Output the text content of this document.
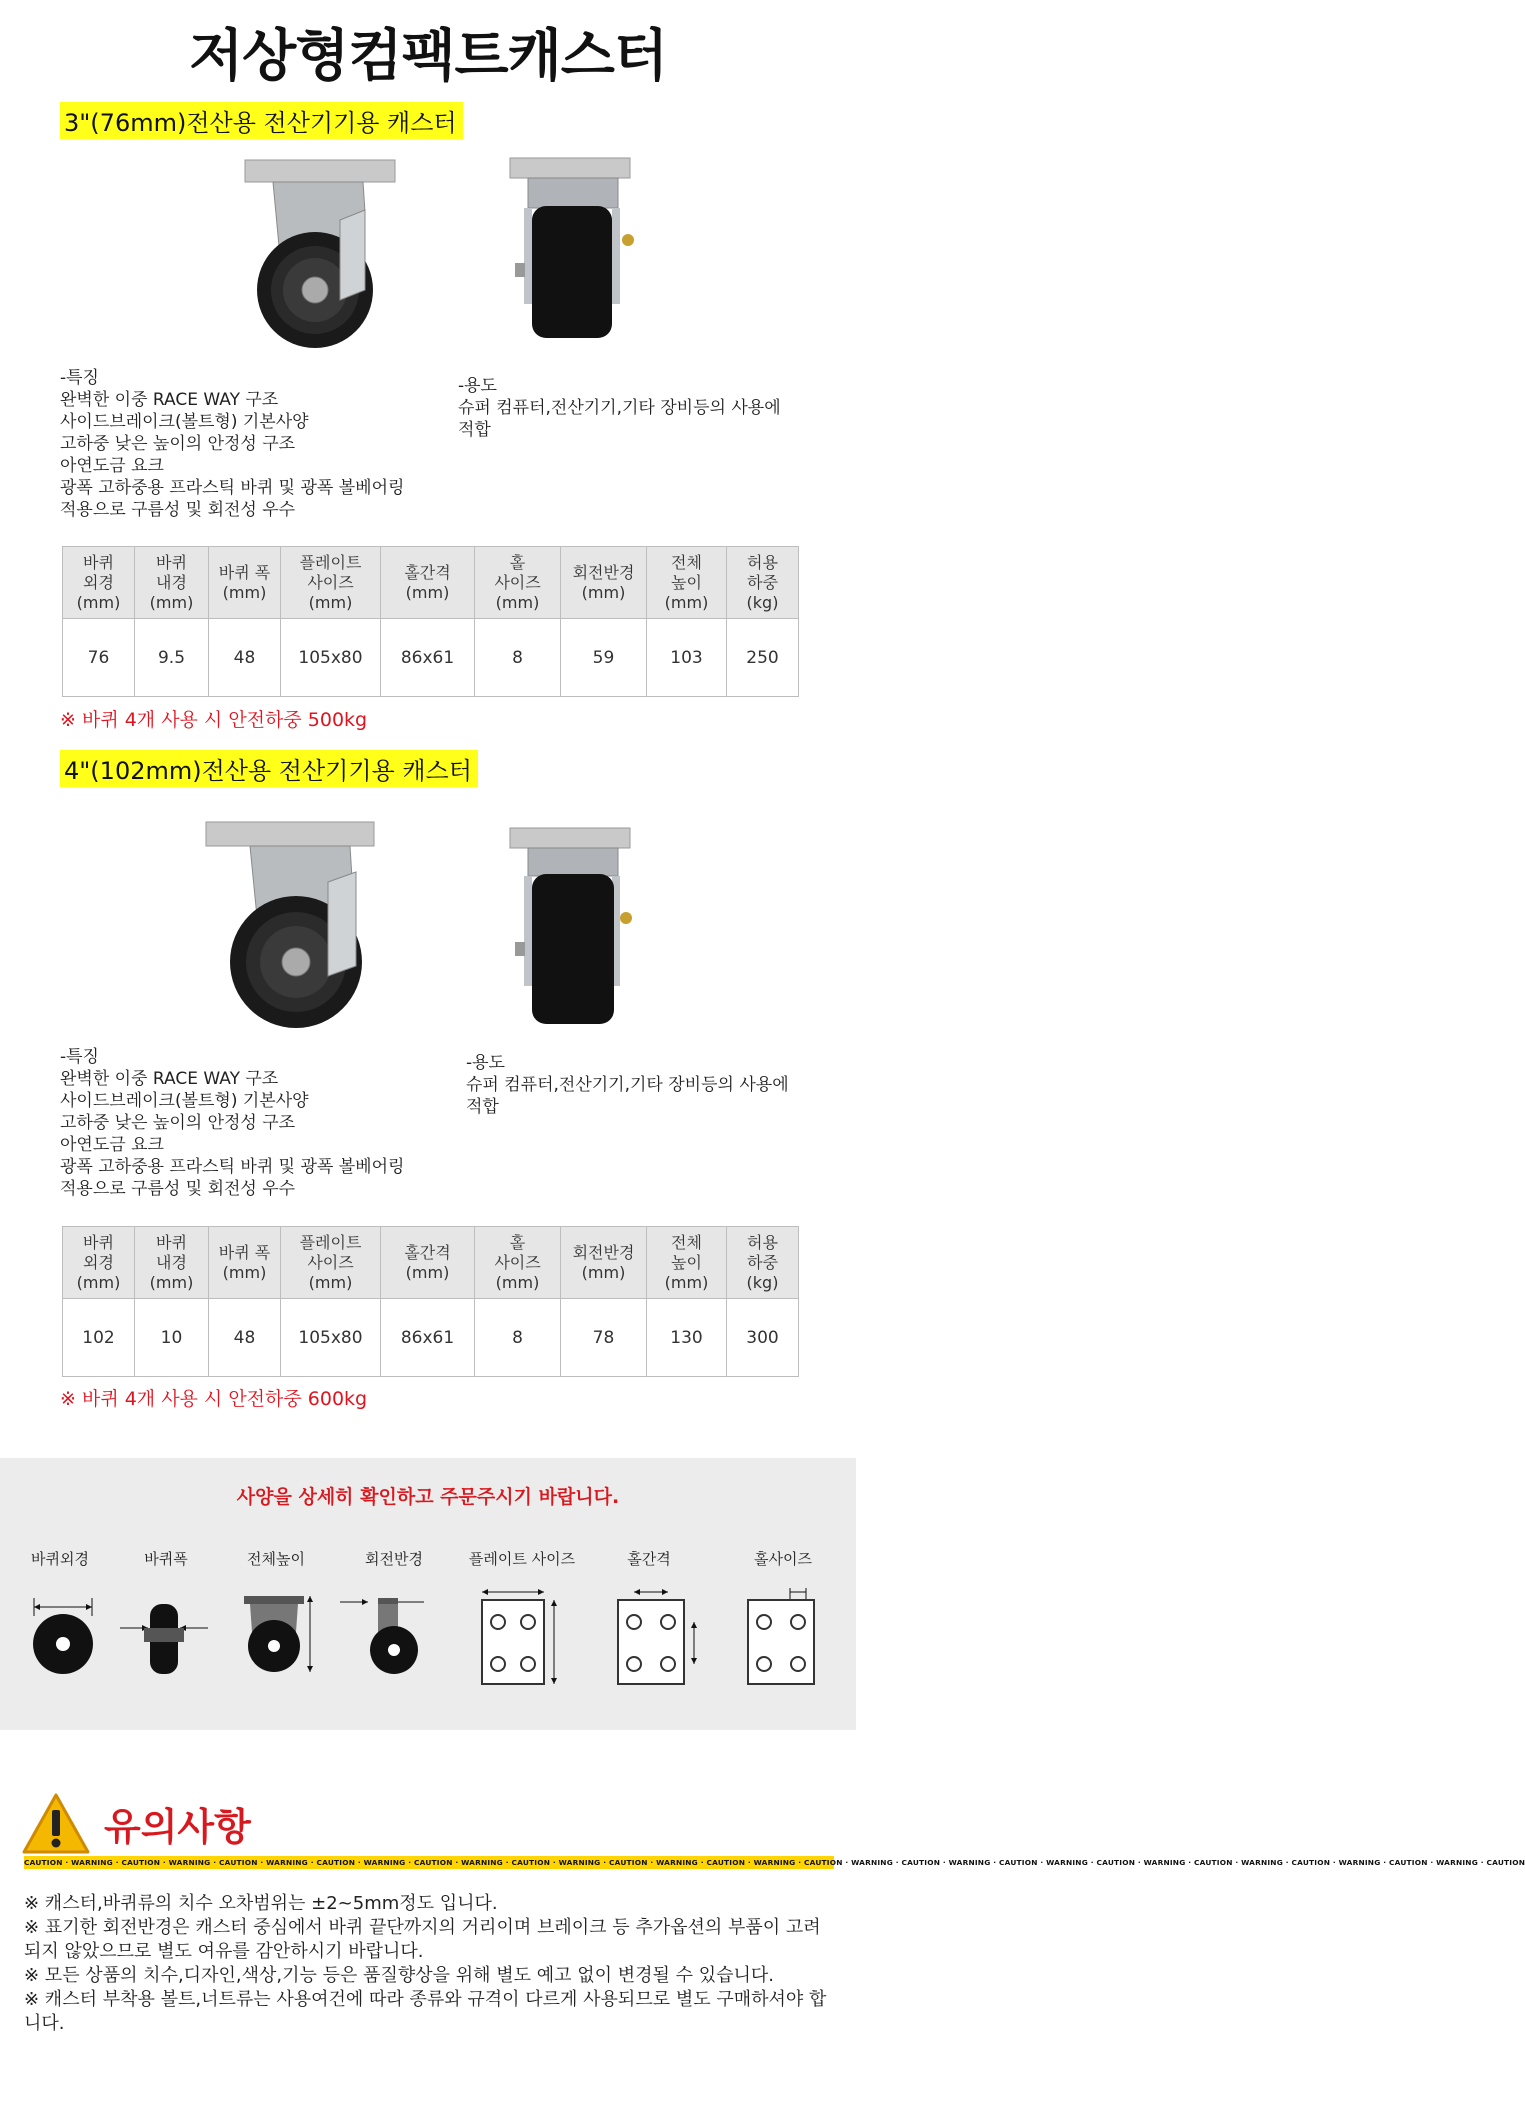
저상형컴팩트캐스터
3"(76mm)전산용 전산기기용 캐스터

-특징

완벽한 이중 RACE WAY 구조

사이드브레이크(볼트형) 기본사양

고하중 낮은 높이의 안정성 구조

아연도금 요크

광폭 고하중용 프라스틱 바퀴 및 광폭 볼베어링

적용으로 구름성 및 회전성 우수

-용도

슈퍼 컴퓨터,전산기기,기타 장비등의 사용에

적합

바퀴
외경
(mm)	바퀴
내경
(mm)	바퀴 폭
(mm)	플레이트
사이즈
(mm)	홀간격
(mm)	홀
사이즈
(mm)	회전반경
(mm)	전체
높이
(mm)	허용
하중
(kg)
76	9.5	48	105x80	86x61	8	59	103	250
※ 바퀴 4개 사용 시 안전하중 500kg
4"(102mm)전산용 전산기기용 캐스터

-특징

완벽한 이중 RACE WAY 구조

사이드브레이크(볼트형) 기본사양

고하중 낮은 높이의 안정성 구조

아연도금 요크

광폭 고하중용 프라스틱 바퀴 및 광폭 볼베어링

적용으로 구름성 및 회전성 우수

-용도

슈퍼 컴퓨터,전산기기,기타 장비등의 사용에

적합

바퀴
외경
(mm)	바퀴
내경
(mm)	바퀴 폭
(mm)	플레이트
사이즈
(mm)	홀간격
(mm)	홀
사이즈
(mm)	회전반경
(mm)	전체
높이
(mm)	허용
하중
(kg)
102	10	48	105x80	86x61	8	78	130	300
※ 바퀴 4개 사용 시 안전하중 600kg
사양을 상세히 확인하고 주문주시기 바랍니다.
바퀴외경	바퀴폭	전체높이	회전반경	플레이트 사이즈	홀간격	홀사이즈
유의사항
CAUTION · WARNING · CAUTION · WARNING · CAUTION · WARNING · CAUTION · WARNING · CAUTION · WARNING · CAUTION · WARNING · CAUTION · WARNING · CAUTION · WARNING · CAUTION · WARNING · CAUTION · WARNING · CAUTION · WARNING · CAUTION · WARNING · CAUTION · WARNING · CAUTION · WARNING · CAUTION · WARNING · CAUTION

※ 캐스터,바퀴류의 치수 오차범위는 ±2~5mm정도 입니다.

※ 표기한 회전반경은 캐스터 중심에서 바퀴 끝단까지의 거리이며 브레이크 등 추가옵션의 부품이 고려되지 않았으므로 별도 여유를 감안하시기 바랍니다.

※ 모든 상품의 치수,디자인,색상,기능 등은 품질향상을 위해 별도 예고 없이 변경될 수 있습니다.

※ 캐스터 부착용 볼트,너트류는 사용여건에 따라 종류와 규격이 다르게 사용되므로 별도 구매하셔야 합니다.
